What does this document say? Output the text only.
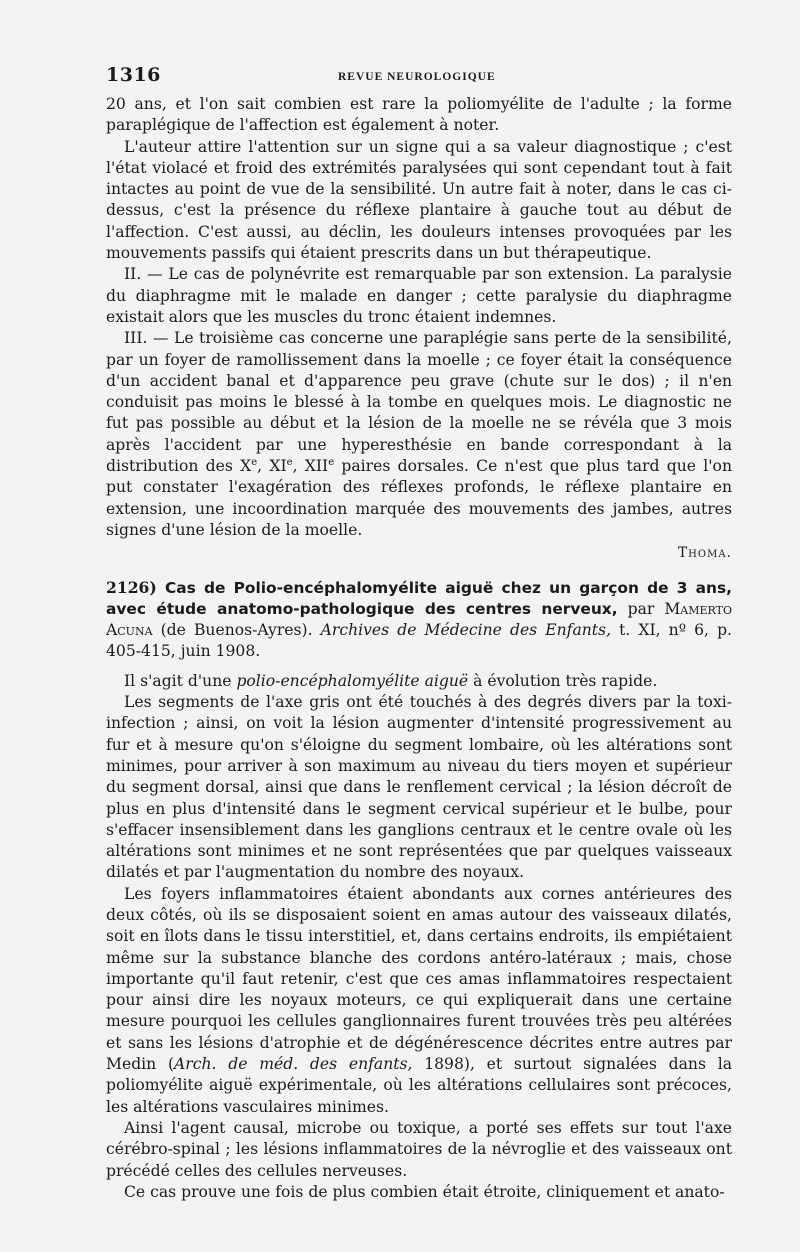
1316	REVUE NEUROLOGIQUE

20 ans, et l'on sait combien est rare la poliomyélite de l'adulte ; la forme paraplégique de l'affection est également à noter.

L'auteur attire l'attention sur un signe qui a sa valeur diagnostique ; c'est l'état violacé et froid des extrémités paralysées qui sont cependant tout à fait intactes au point de vue de la sensibilité. Un autre fait à noter, dans le cas ci-dessus, c'est la présence du réflexe plantaire à gauche tout au début de l'affection. C'est aussi, au déclin, les douleurs intenses provoquées par les mouvements passifs qui étaient prescrits dans un but thérapeutique.

II. — Le cas de polynévrite est remarquable par son extension. La paralysie du diaphragme mit le malade en danger ; cette paralysie du diaphragme existait alors que les muscles du tronc étaient indemnes.

III. — Le troisième cas concerne une paraplégie sans perte de la sensibilité, par un foyer de ramollissement dans la moelle ; ce foyer était la conséquence d'un accident banal et d'apparence peu grave (chute sur le dos) ; il n'en conduisit pas moins le blessé à la tombe en quelques mois. Le diagnostic ne fut pas possible au début et la lésion de la moelle ne se révéla que 3 mois après l'accident par une hyperesthésie en bande correspondant à la distribution des Xe, XIe, XIIe paires dorsales. Ce n'est que plus tard que l'on put constater l'exagération des réflexes profonds, le réflexe plantaire en extension, une incoordination marquée des mouvements des jambes, autres signes d'une lésion de la moelle.

Thoma.

2126) Cas de Polio-encéphalomyélite aiguë chez un garçon de 3 ans, avec étude anatomo-pathologique des centres nerveux, par Mamerto Acuna (de Buenos-Ayres). Archives de Médecine des Enfants, t. XI, nº 6, p. 405-415, juin 1908.

Il s'agit d'une polio-encéphalomyélite aiguë à évolution très rapide.

Les segments de l'axe gris ont été touchés à des degrés divers par la toxi-infection ; ainsi, on voit la lésion augmenter d'intensité progressivement au fur et à mesure qu'on s'éloigne du segment lombaire, où les altérations sont minimes, pour arriver à son maximum au niveau du tiers moyen et supérieur du segment dorsal, ainsi que dans le renflement cervical ; la lésion décroît de plus en plus d'intensité dans le segment cervical supérieur et le bulbe, pour s'effacer insensiblement dans les ganglions centraux et le centre ovale où les altérations sont minimes et ne sont représentées que par quelques vaisseaux dilatés et par l'augmentation du nombre des noyaux.

Les foyers inflammatoires étaient abondants aux cornes antérieures des deux côtés, où ils se disposaient soient en amas autour des vaisseaux dilatés, soit en îlots dans le tissu interstitiel, et, dans certains endroits, ils empiétaient même sur la substance blanche des cordons antéro-latéraux ; mais, chose importante qu'il faut retenir, c'est que ces amas inflammatoires respectaient pour ainsi dire les noyaux moteurs, ce qui expliquerait dans une certaine mesure pourquoi les cellules ganglionnaires furent trouvées très peu altérées et sans les lésions d'atrophie et de dégénérescence décrites entre autres par Medin (Arch. de méd. des enfants, 1898), et surtout signalées dans la poliomyélite aiguë expérimentale, où les altérations cellulaires sont précoces, les altérations vasculaires minimes.

Ainsi l'agent causal, microbe ou toxique, a porté ses effets sur tout l'axe cérébro-spinal ; les lésions inflammatoires de la névroglie et des vaisseaux ont précédé celles des cellules nerveuses.

Ce cas prouve une fois de plus combien était étroite, cliniquement et anato-
